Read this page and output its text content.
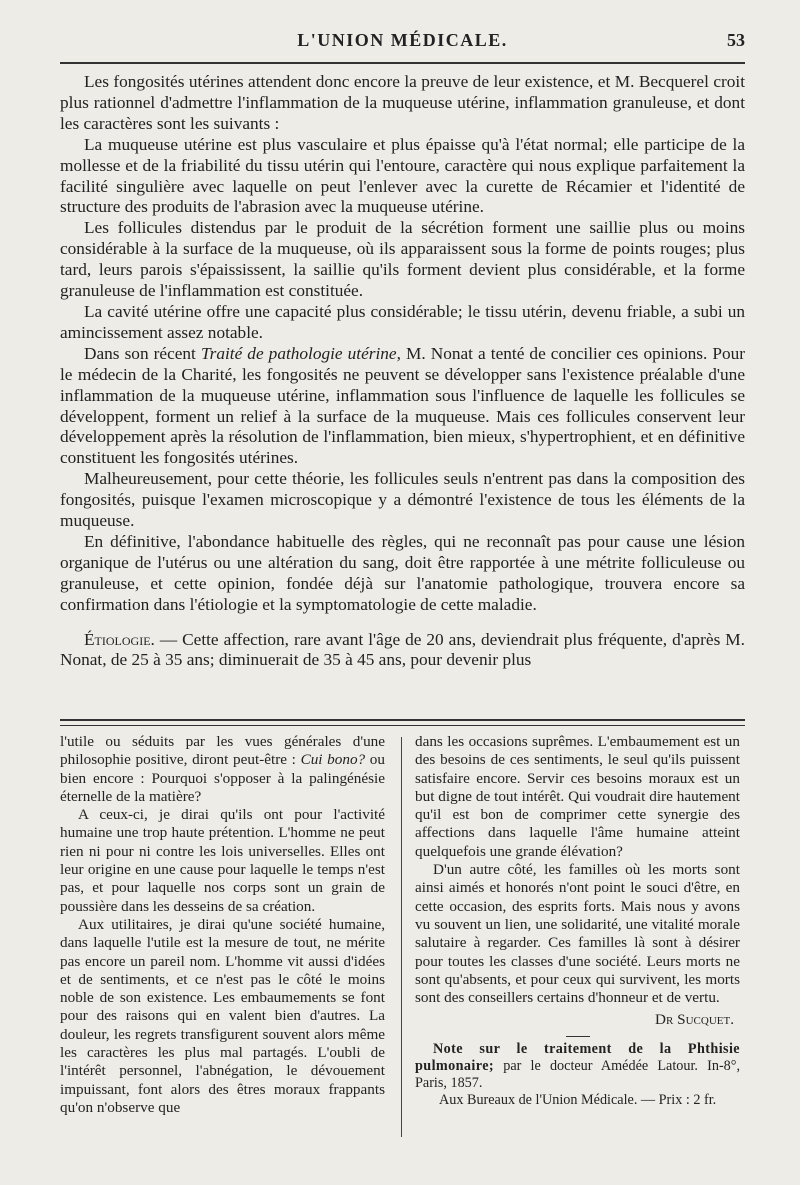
L'UNION MÉDICALE.	53

Les fongosités utérines attendent donc encore la preuve de leur existence, et M. Becquerel croit plus rationnel d'admettre l'inflammation de la muqueuse utérine, inflammation granuleuse, et dont les caractères sont les suivants :

La muqueuse utérine est plus vasculaire et plus épaisse qu'à l'état normal; elle participe de la mollesse et de la friabilité du tissu utérin qui l'entoure, caractère qui nous explique parfaitement la facilité singulière avec laquelle on peut l'enlever avec la curette de Récamier et l'identité de structure des produits de l'abrasion avec la muqueuse utérine.

Les follicules distendus par le produit de la sécrétion forment une saillie plus ou moins considérable à la surface de la muqueuse, où ils apparaissent sous la forme de points rouges; plus tard, leurs parois s'épaississent, la saillie qu'ils forment devient plus considérable, et la forme granuleuse de l'inflammation est constituée.

La cavité utérine offre une capacité plus considérable; le tissu utérin, devenu friable, a subi un amincissement assez notable.

Dans son récent Traité de pathologie utérine, M. Nonat a tenté de concilier ces opinions. Pour le médecin de la Charité, les fongosités ne peuvent se développer sans l'existence préalable d'une inflammation de la muqueuse utérine, inflammation sous l'influence de laquelle les follicules se développent, forment un relief à la surface de la muqueuse. Mais ces follicules conservent leur développement après la résolution de l'inflammation, bien mieux, s'hypertrophient, et en définitive constituent les fongosités utérines.

Malheureusement, pour cette théorie, les follicules seuls n'entrent pas dans la composition des fongosités, puisque l'examen microscopique y a démontré l'existence de tous les éléments de la muqueuse.

En définitive, l'abondance habituelle des règles, qui ne reconnaît pas pour cause une lésion organique de l'utérus ou une altération du sang, doit être rapportée à une métrite folliculeuse ou granuleuse, et cette opinion, fondée déjà sur l'anatomie pathologique, trouvera encore sa confirmation dans l'étiologie et la symptomatologie de cette maladie.

Étiologie. — Cette affection, rare avant l'âge de 20 ans, deviendrait plus fréquente, d'après M. Nonat, de 25 à 35 ans; diminuerait de 35 à 45 ans, pour devenir plus

l'utile ou séduits par les vues générales d'une philosophie positive, diront peut-être : Cui bono? ou bien encore : Pourquoi s'opposer à la palingénésie éternelle de la matière?

A ceux-ci, je dirai qu'ils ont pour l'activité humaine une trop haute prétention. L'homme ne peut rien ni pour ni contre les lois universelles. Elles ont leur origine en une cause pour laquelle le temps n'est pas, et pour laquelle nos corps sont un grain de poussière dans les desseins de sa création.

Aux utilitaires, je dirai qu'une société humaine, dans laquelle l'utile est la mesure de tout, ne mérite pas encore un pareil nom. L'homme vit aussi d'idées et de sentiments, et ce n'est pas le côté le moins noble de son existence. Les embaumements se font pour des raisons qui en valent bien d'autres. La douleur, les regrets transfigurent souvent alors même les caractères les plus mal partagés. L'oubli de l'intérêt personnel, l'abnégation, le dévouement impuissant, font alors des êtres moraux frappants qu'on n'observe que

dans les occasions suprêmes. L'embaumement est un des besoins de ces sentiments, le seul qu'ils puissent satisfaire encore. Servir ces besoins moraux est un but digne de tout intérêt. Qui voudrait dire hautement qu'il est bon de comprimer cette synergie des affections dans laquelle l'âme humaine atteint quelquefois une grande élévation?

D'un autre côté, les familles où les morts sont ainsi aimés et honorés n'ont point le souci d'être, en cette occasion, des esprits forts. Mais nous y avons vu souvent un lien, une solidarité, une vitalité morale salutaire à regarder. Ces familles là sont à désirer pour toutes les classes d'une société. Leurs morts ne sont qu'absents, et pour ceux qui survivent, les morts sont des conseillers certains d'honneur et de vertu.

Dr Sucquet.

Note sur le traitement de la Phthisie pulmonaire; par le docteur Amédée Latour. In-8°, Paris, 1857.

Aux Bureaux de l'Union Médicale. — Prix : 2 fr.
